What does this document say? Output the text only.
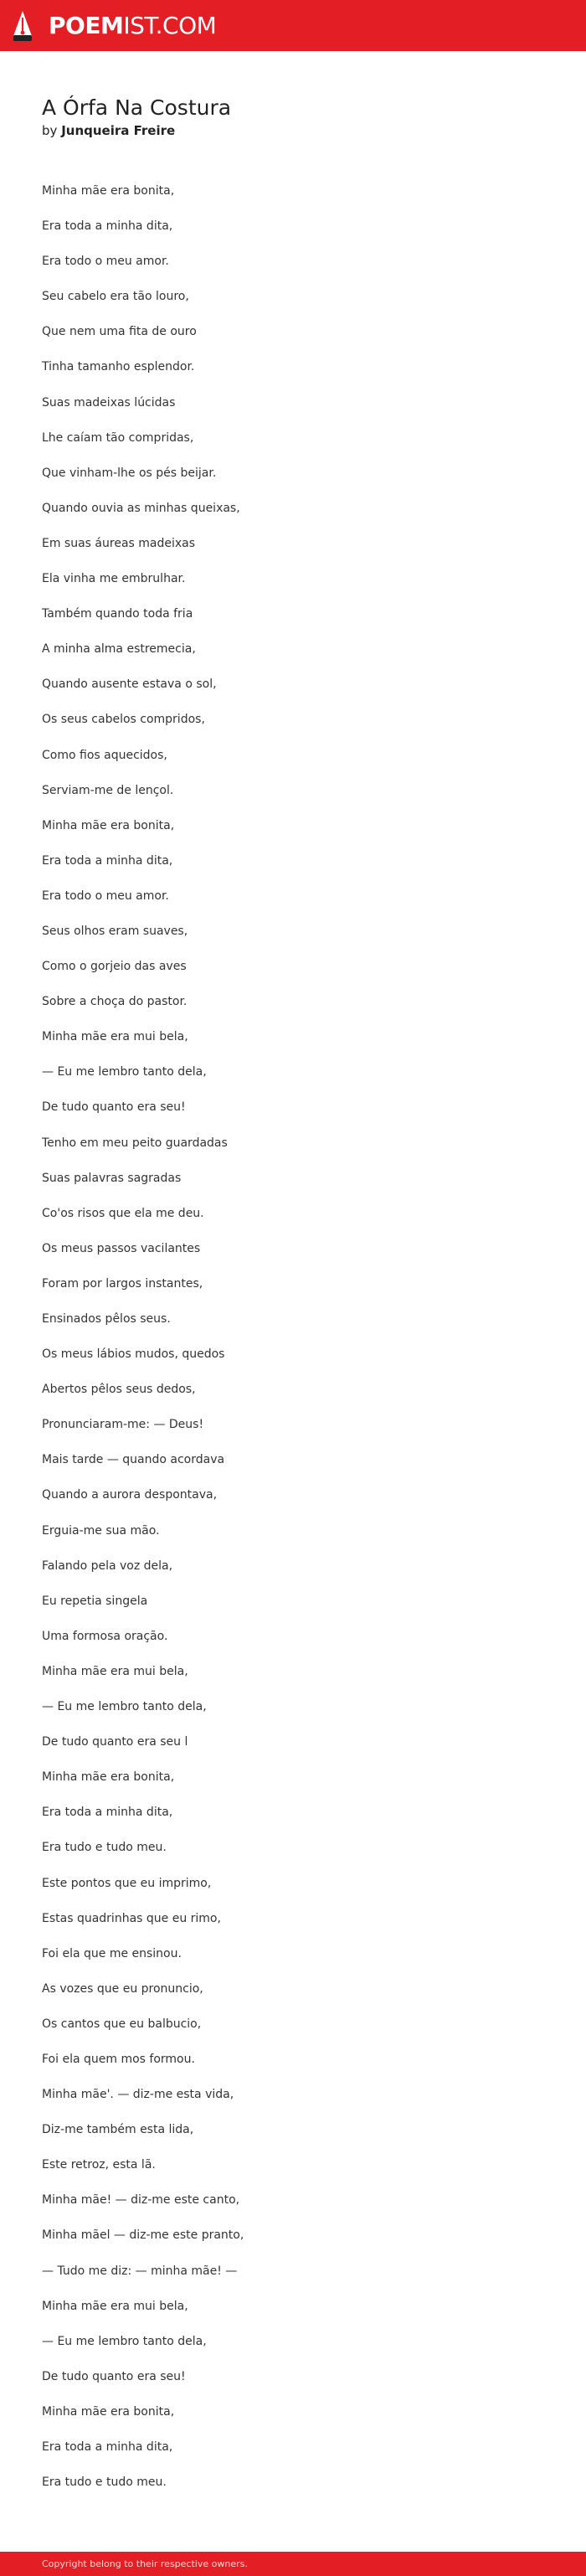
POEMIST.COM
A Órfa Na Costura
by Junqueira Freire
Minha mãe era bonita,
Era toda a minha dita,
Era todo o meu amor.
Seu cabelo era tão louro,
Que nem uma fita de ouro
Tinha tamanho esplendor.
Suas madeixas lúcidas
Lhe caíam tão compridas,
Que vinham-lhe os pés beijar.
Quando ouvia as minhas queixas,
Em suas áureas madeixas
Ela vinha me embrulhar.
Também quando toda fria
A minha alma estremecia,
Quando ausente estava o sol,
Os seus cabelos compridos,
Como fios aquecidos,
Serviam-me de lençol.
Minha mãe era bonita,
Era toda a minha dita,
Era todo o meu amor.
Seus olhos eram suaves,
Como o gorjeio das aves
Sobre a choça do pastor.
Minha mãe era mui bela,
— Eu me lembro tanto dela,
De tudo quanto era seu!
Tenho em meu peito guardadas
Suas palavras sagradas
Co'os risos que ela me deu.
Os meus passos vacilantes
Foram por largos instantes,
Ensinados pêlos seus.
Os meus lábios mudos, quedos
Abertos pêlos seus dedos,
Pronunciaram-me: — Deus!
Mais tarde — quando acordava
Quando a aurora despontava,
Erguia-me sua mão.
Falando pela voz dela,
Eu repetia singela
Uma formosa oração.
Minha mãe era mui bela,
— Eu me lembro tanto dela,
De tudo quanto era seu l
Minha mãe era bonita,
Era toda a minha dita,
Era tudo e tudo meu.
Este pontos que eu imprimo,
Estas quadrinhas que eu rimo,
Foi ela que me ensinou.
As vozes que eu pronuncio,
Os cantos que eu balbucio,
Foi ela quem mos formou.
Minha mãe'. — diz-me esta vida,
Diz-me também esta lida,
Este retroz, esta lã.
Minha mãe! — diz-me este canto,
Minha mãel — diz-me este pranto,
— Tudo me diz: — minha mãe! —
Minha mãe era mui bela,
— Eu me lembro tanto dela,
De tudo quanto era seu!
Minha mãe era bonita,
Era toda a minha dita,
Era tudo e tudo meu.
Copyright belong to their respective owners.
